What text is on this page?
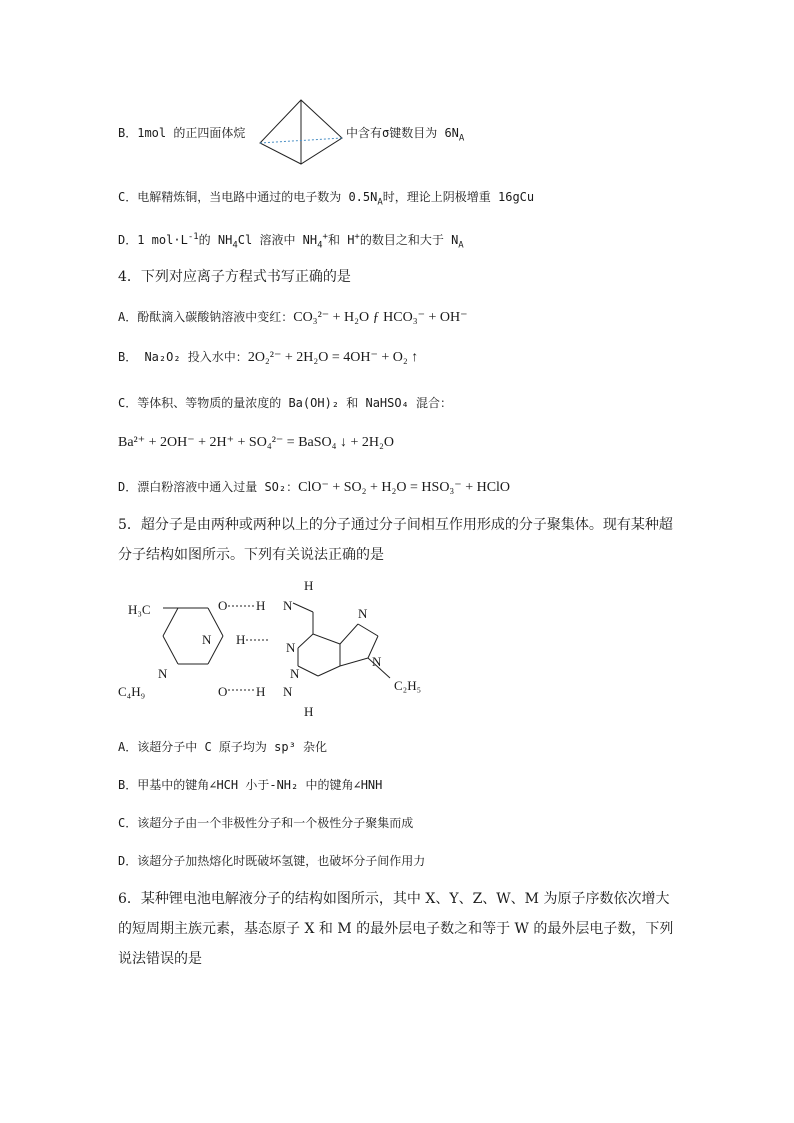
B．1mol 的正四面体烷	中含有σ键数目为 $6N_A$
C．电解精炼铜，当电路中通过的电子数为 $0.5N_A$时，理论上阴极增重 16gCu
D．1 $mol\cdot L^{-1}$的 $NH_4Cl$ 溶液中 $NH_4^+$和 H+的数目之和大于 $N_A$
4．下列对应离子方程式书写正确的是
A．酚酞滴入碳酸钠溶液中变红：CO₃²⁻ + H₂O ƒ HCO₃⁻ + OH⁻
B． Na₂O₂ 投入水中：2O₂²⁻ + 2H₂O = 4OH⁻ + O₂ ↑
C．等体积、等物质的量浓度的 Ba(OH)₂ 和 NaHSO₄ 混合：
Ba²⁺ + 2OH⁻ + 2H⁺ + SO₄²⁻ = BaSO₄ ↓ + 2H₂O
D．漂白粉溶液中通入过量 SO₂：ClO⁻ + SO₂ + H₂O = HSO₃⁻ + HClO
5．超分子是由两种或两种以上的分子通过分子间相互作用形成的分子聚集体。现有某种超分子结构如图所示。下列有关说法正确的是
H
H
H₃C	O
O
H
H
H
N
N
N
N
N
N
N
N
C₂H₅
C₄H₉
A．该超分子中 C 原子均为 sp³ 杂化
B．甲基中的键角∠HCH 小于-NH₂ 中的键角∠HNH
C．该超分子由一个非极性分子和一个极性分子聚集而成
D．该超分子加热熔化时既破坏氢键，也破坏分子间作用力
6．某种锂电池电解液分子的结构如图所示，其中 X、Y、Z、W、M 为原子序数依次增大的短周期主族元素，基态原子 X 和 M 的最外层电子数之和等于 W 的最外层电子数，下列说法错误的是
